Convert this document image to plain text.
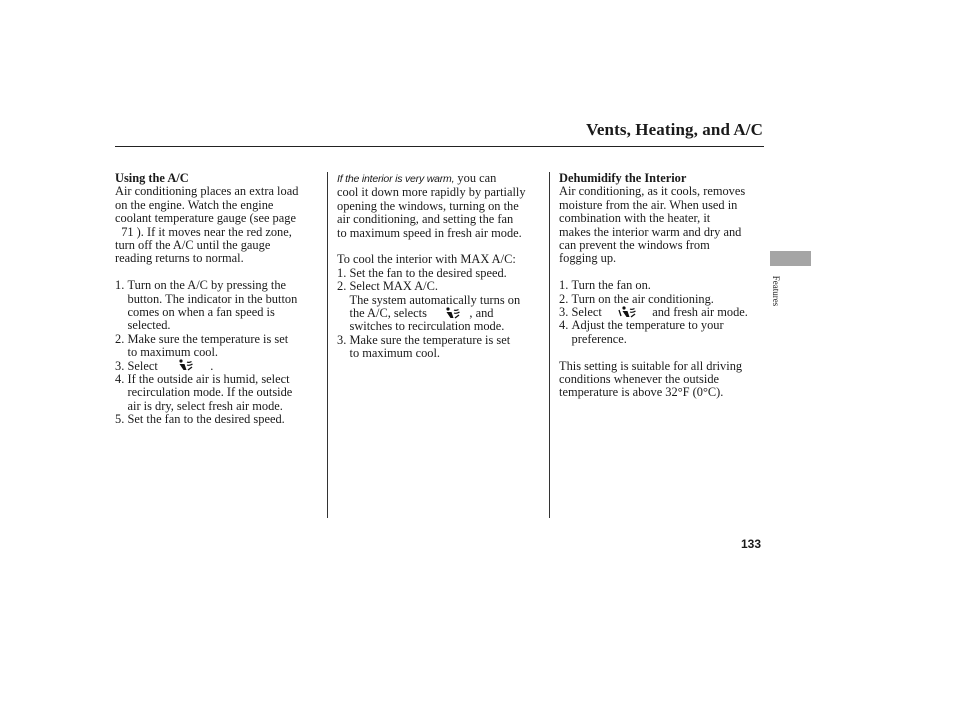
Vents, Heating, and A/C

Using the A/C

Air conditioning places an extra load

on the engine. Watch the engine

coolant temperature gauge (see page

71 ). If it moves near the red zone,

turn off the A/C until the gauge

reading returns to normal.

1. Turn on the A/C by pressing the

button. The indicator in the button

comes on when a fan speed is

selected.

2. Make sure the temperature is set

to maximum cool.

3. Select	.

4. If the outside air is humid, select

recirculation mode. If the outside

air is dry, select fresh air mode.

5. Set the fan to the desired speed.

If the interior is very warm, you can

cool it down more rapidly by partially

opening the windows, turning on the

air conditioning, and setting the fan

to maximum speed in fresh air mode.

To cool the interior with MAX A/C:

1. Set the fan to the desired speed.

2. Select MAX A/C.

The system automatically turns on

the A/C, selects	, and

switches to recirculation mode.

3. Make sure the temperature is set

to maximum cool.

Dehumidify the Interior

Air conditioning, as it cools, removes

moisture from the air. When used in

combination with the heater, it

makes the interior warm and dry and

can prevent the windows from

fogging up.

1. Turn the fan on.

2. Turn on the air conditioning.

3. Select	and fresh air mode.

4. Adjust the temperature to your

preference.

This setting is suitable for all driving

conditions whenever the outside

temperature is above 32°F (0°C).

Features
133
